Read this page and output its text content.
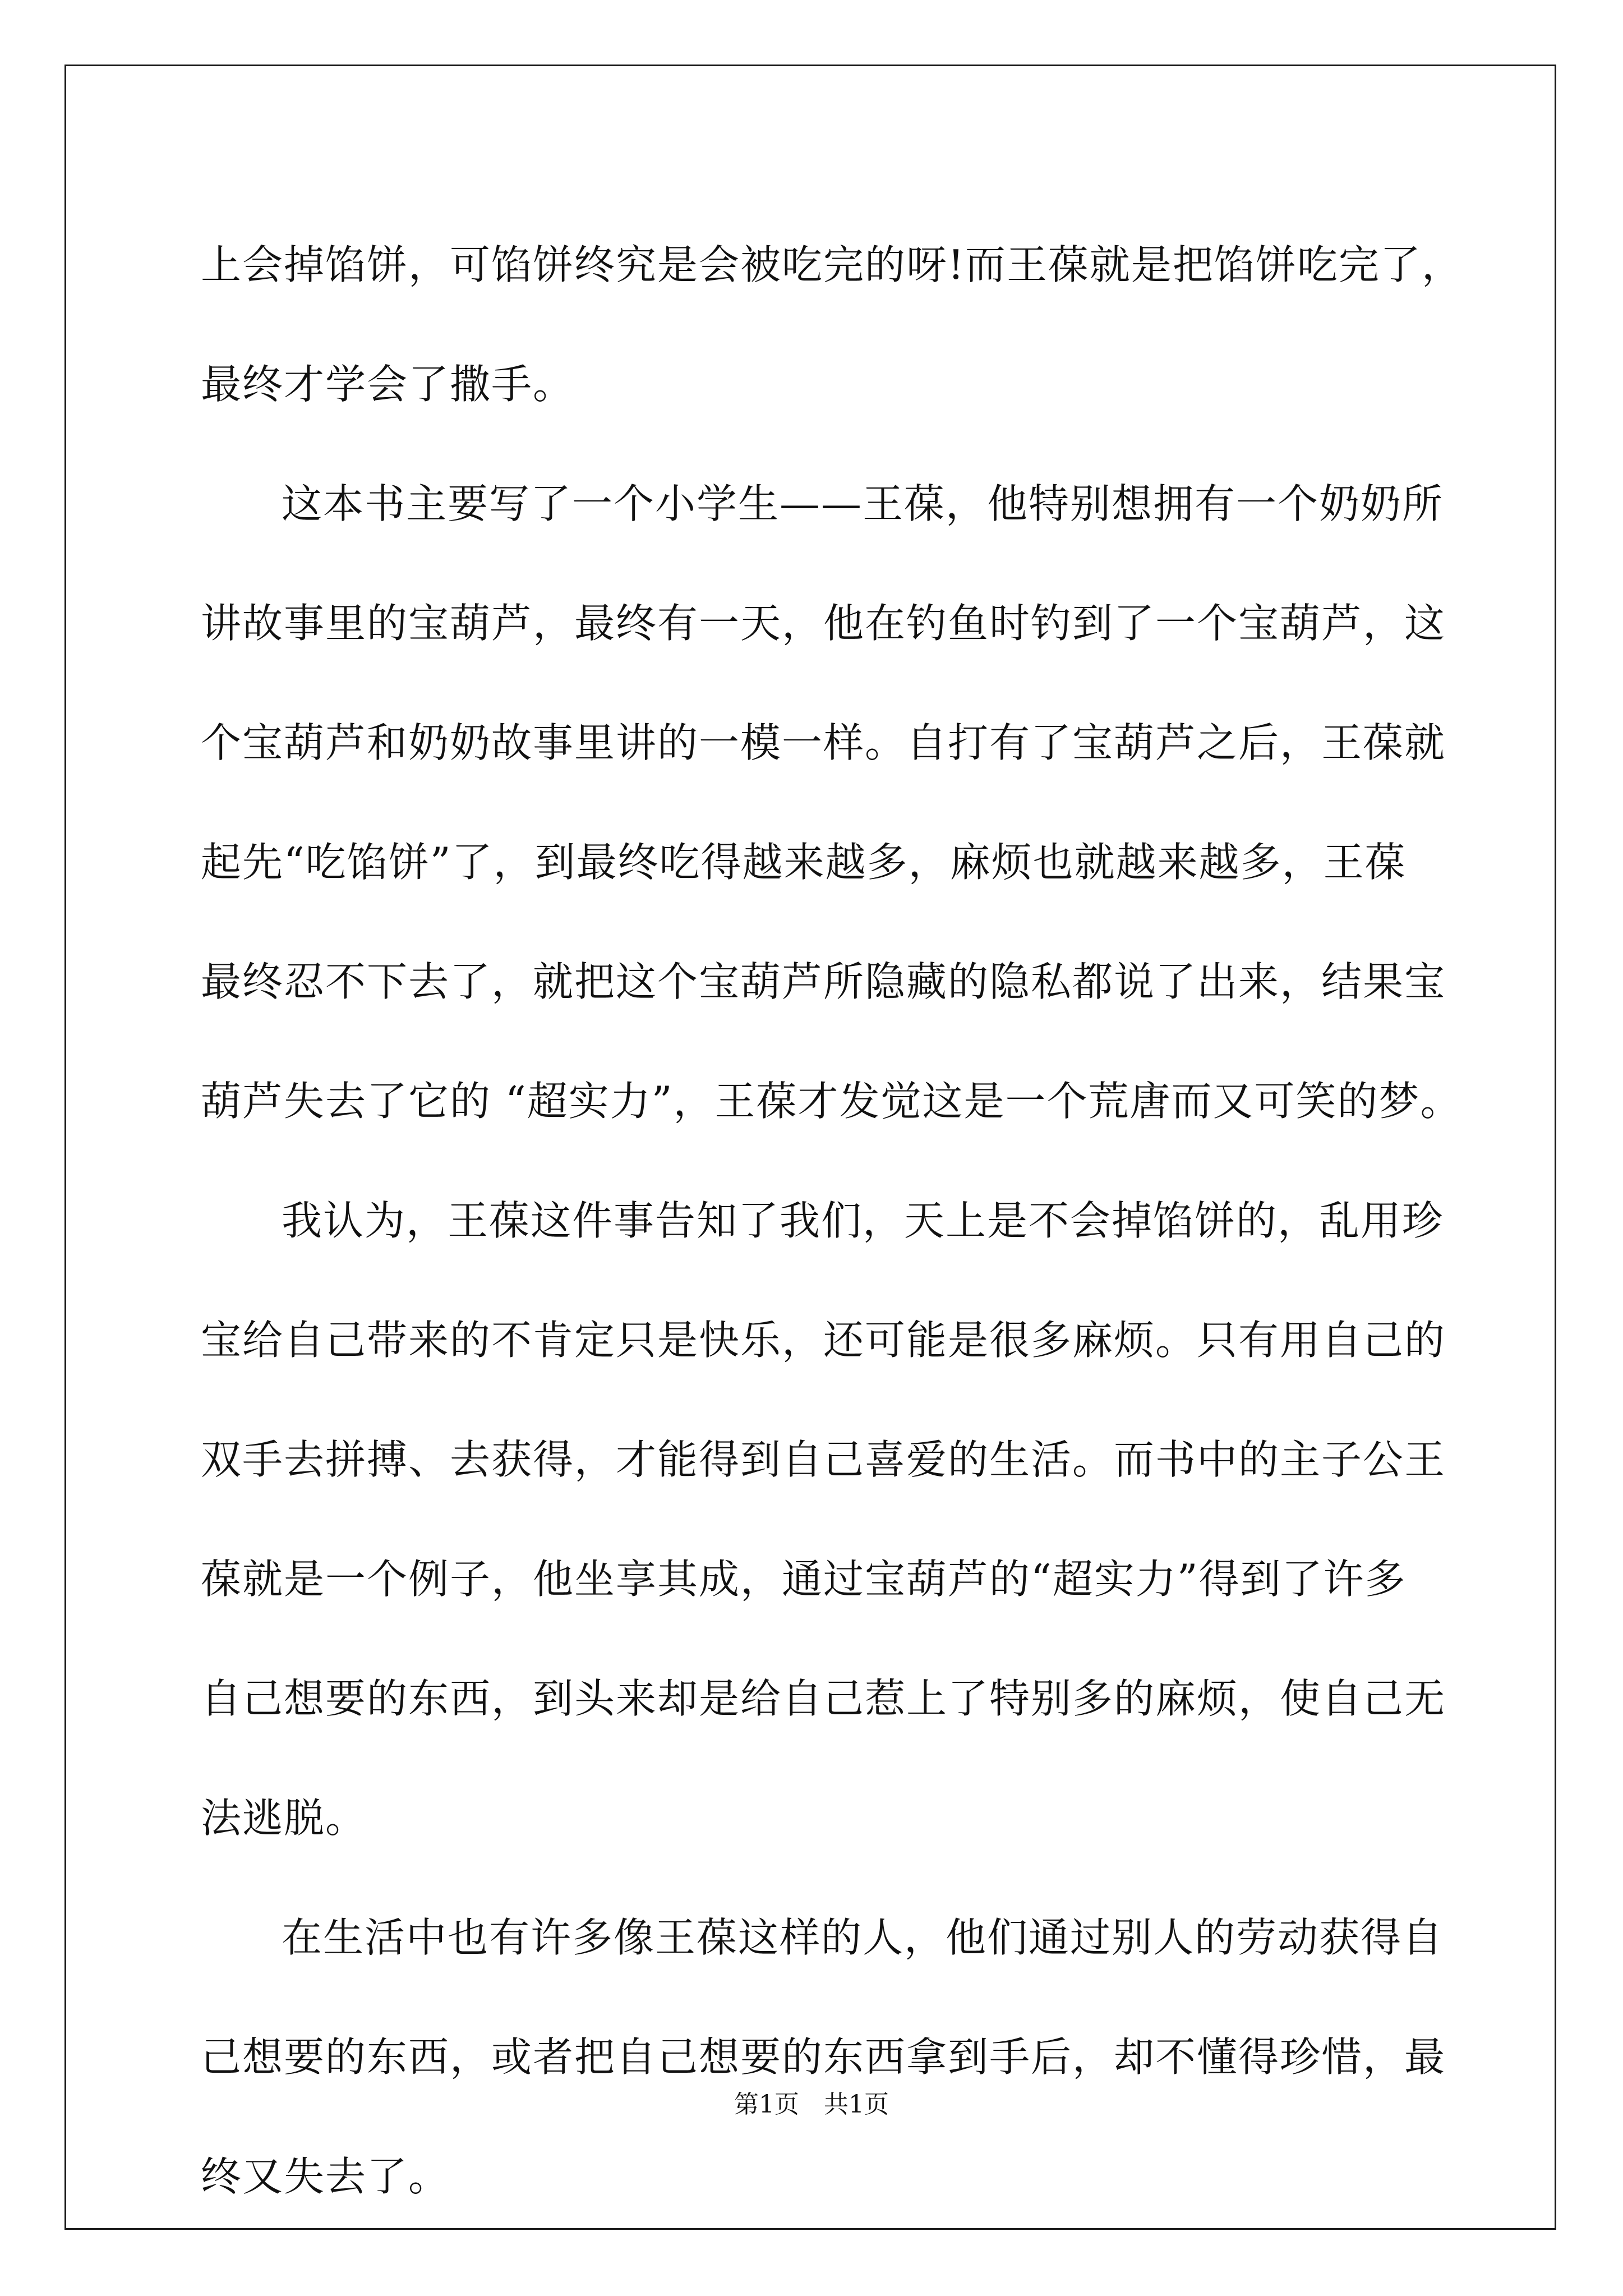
上会掉馅饼，可馅饼终究是会被吃完的呀!而王葆就是把馅饼吃完了，
最终才学会了撒手。
这本书主要写了一个小学生——王葆，他特别想拥有一个奶奶所
讲故事里的宝葫芦，最终有一天，他在钓鱼时钓到了一个宝葫芦，这
个宝葫芦和奶奶故事里讲的一模一样。自打有了宝葫芦之后，王葆就
起先“吃馅饼”了，到最终吃得越来越多，麻烦也就越来越多，王葆
最终忍不下去了，就把这个宝葫芦所隐藏的隐私都说了出来，结果宝
葫芦失去了它的 “超实力”，王葆才发觉这是一个荒唐而又可笑的梦。
我认为，王葆这件事告知了我们，天上是不会掉馅饼的，乱用珍
宝给自己带来的不肯定只是快乐，还可能是很多麻烦。只有用自己的
双手去拼搏、去获得，才能得到自己喜爱的生活。而书中的主子公王
葆就是一个例子，他坐享其成，通过宝葫芦的“超实力”得到了许多
自己想要的东西，到头来却是给自己惹上了特别多的麻烦，使自己无
法逃脱。
在生活中也有许多像王葆这样的人，他们通过别人的劳动获得自
己想要的东西，或者把自己想要的东西拿到手后，却不懂得珍惜，最
终又失去了。
第1页　共1页
